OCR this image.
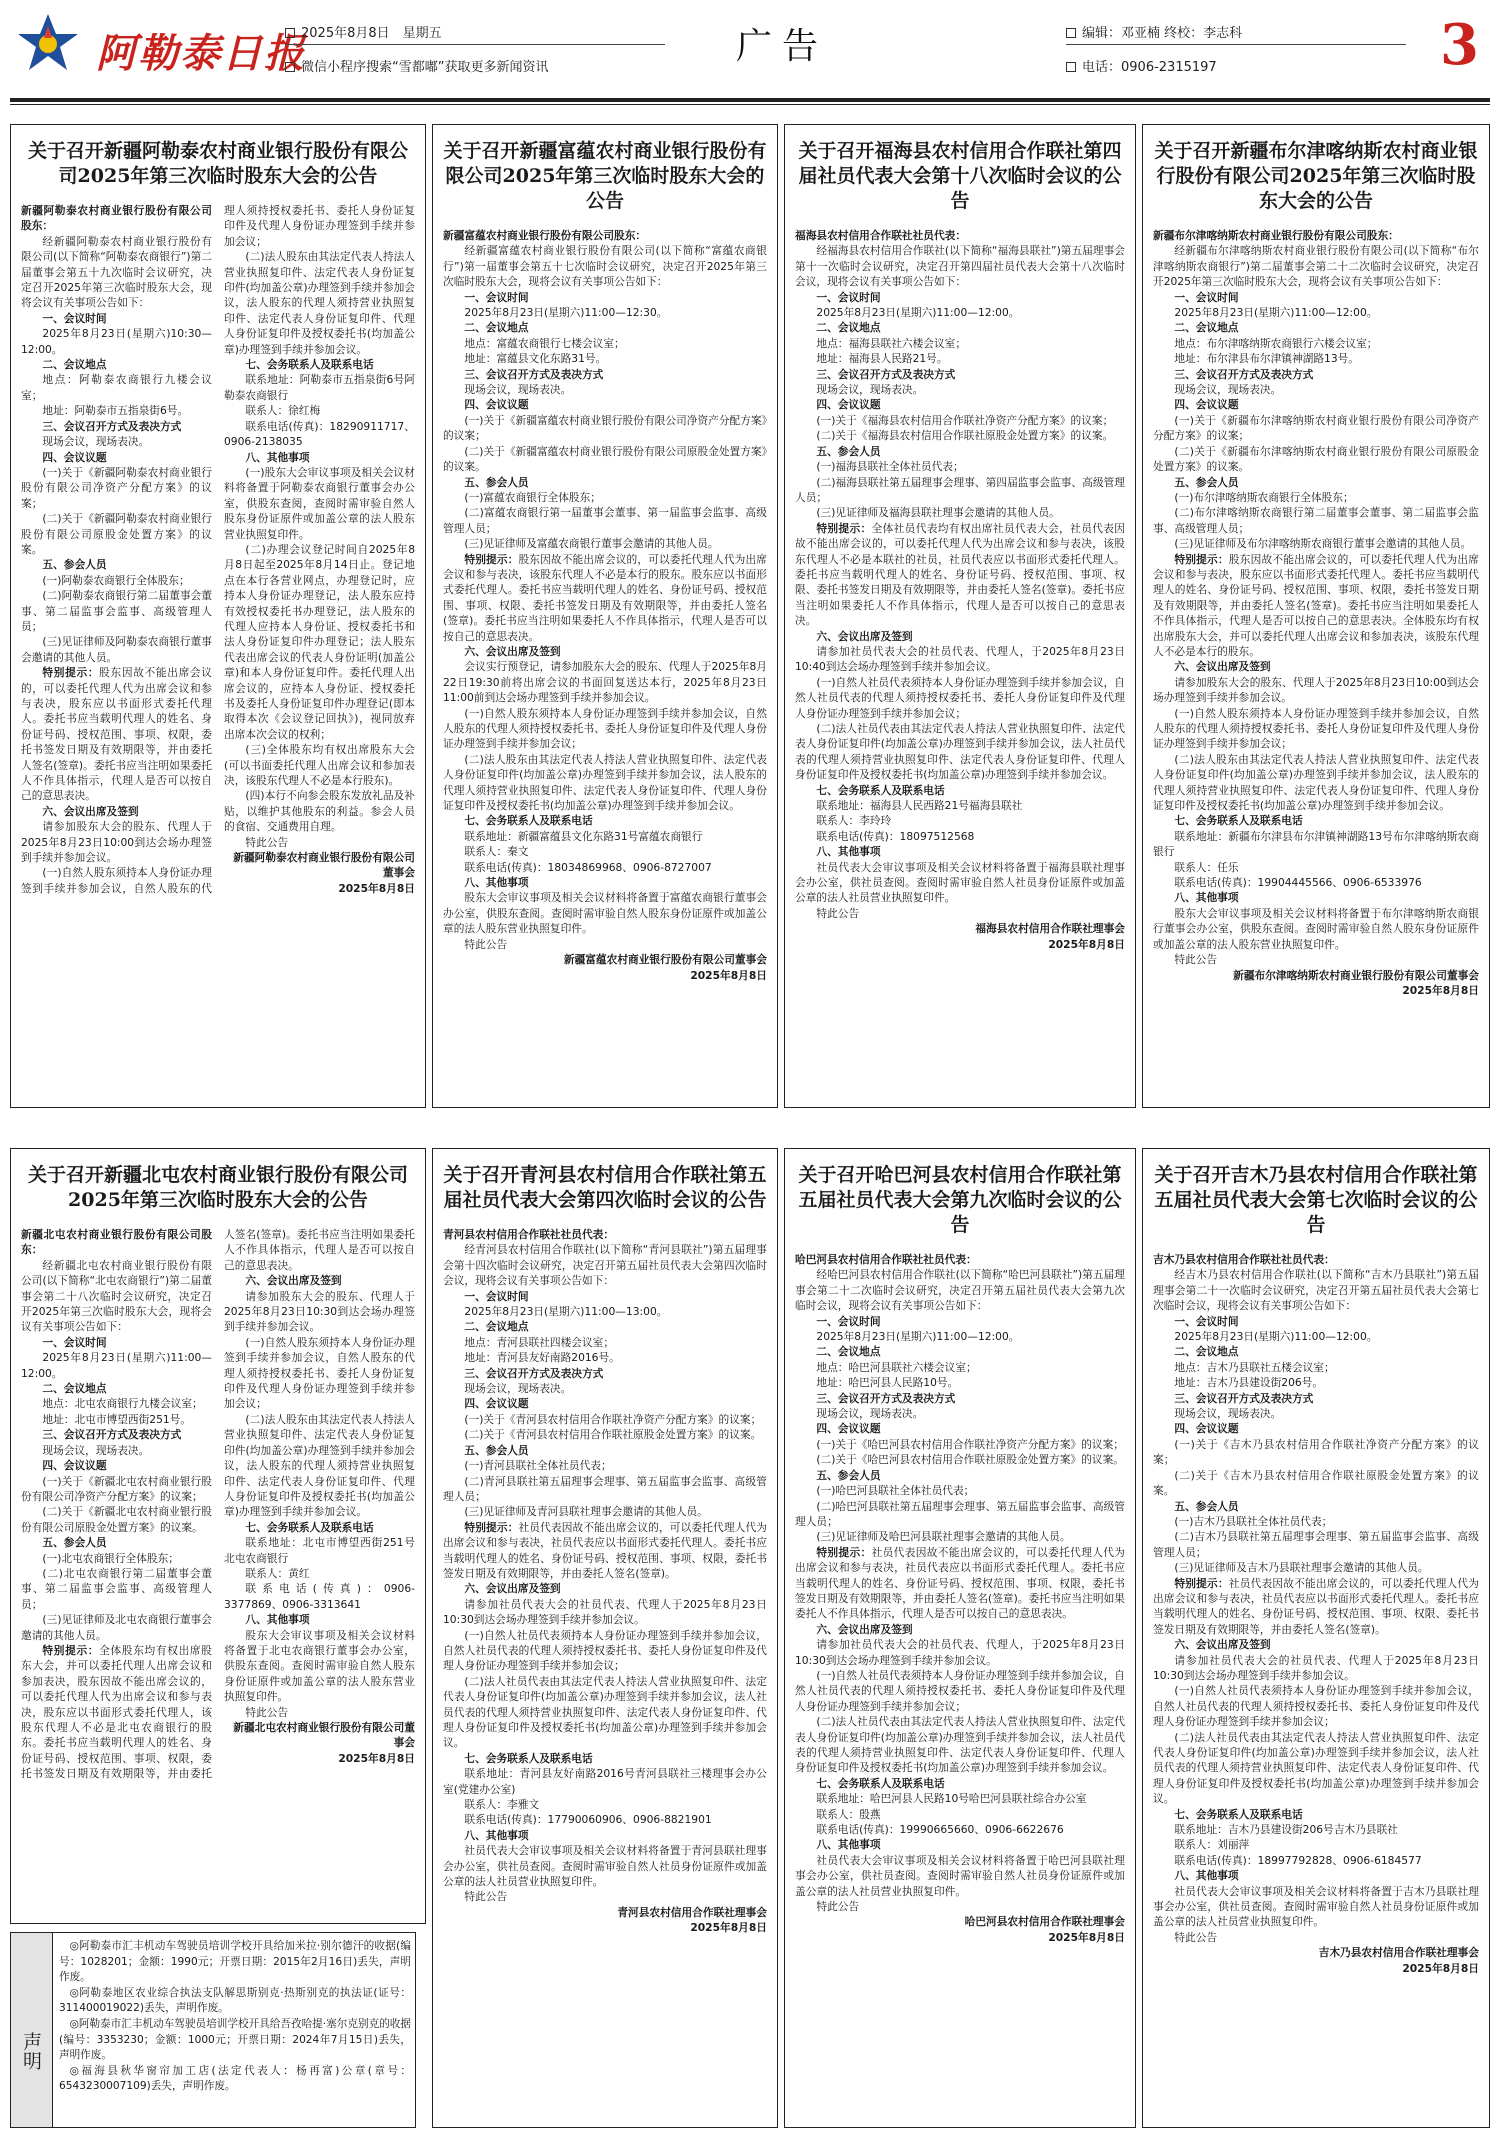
阿勒泰日报
2025年8月8日　星期五
微信小程序搜索“雪都嘟”获取更多新闻资讯
广告	编辑：邓亚楠 终校：李志科
电话：0906-2315197	3
关于召开新疆阿勒泰农村商业银行股份有限公司2025年第三次临时股东大会的公告

新疆阿勒泰农村商业银行股份有限公司股东：

经新疆阿勒泰农村商业银行股份有限公司(以下简称“阿勒泰农商银行”)第二届董事会第五十九次临时会议研究，决定召开2025年第三次临时股东大会，现将会议有关事项公告如下：

一、会议时间

2025年8月23日(星期六)10:30—12:00。

二、会议地点

地点：阿勒泰农商银行九楼会议室；

地址：阿勒泰市五指泉街6号。

三、会议召开方式及表决方式

现场会议，现场表决。

四、会议议题

(一)关于《新疆阿勒泰农村商业银行股份有限公司净资产分配方案》的议案；

(二)关于《新疆阿勒泰农村商业银行股份有限公司原股金处置方案》的议案。

五、参会人员

(一)阿勒泰农商银行全体股东；

(二)阿勒泰农商银行第二届董事会董事、第二届监事会监事、高级管理人员；

(三)见证律师及阿勒泰农商银行董事会邀请的其他人员。

特别提示：股东因故不能出席会议的，可以委托代理人代为出席会议和参与表决，股东应以书面形式委托代理人。委托书应当载明代理人的姓名、身份证号码、授权范围、事项、权限，委托书签发日期及有效期限等，并由委托人签名(签章)。委托书应当注明如果委托人不作具体指示，代理人是否可以按自己的意思表决。

六、会议出席及签到

请参加股东大会的股东、代理人于2025年8月23日10:00到达会场办理签到手续并参加会议。

(一)自然人股东须持本人身份证办理签到手续并参加会议，自然人股东的代理人须持授权委托书、委托人身份证复印件及代理人身份证办理签到手续并参加会议；

(二)法人股东由其法定代表人持法人营业执照复印件、法定代表人身份证复印件(均加盖公章)办理签到手续并参加会议，法人股东的代理人须持营业执照复印件、法定代表人身份证复印件、代理人身份证复印件及授权委托书(均加盖公章)办理签到手续并参加会议。

七、会务联系人及联系电话

联系地址：阿勒泰市五指泉街6号阿勒泰农商银行

联系人：徐红梅

联系电话(传真)：18290911717、0906-2138035

八、其他事项

(一)股东大会审议事项及相关会议材料将备置于阿勒泰农商银行董事会办公室，供股东查阅，查阅时需审验自然人股东身份证原件或加盖公章的法人股东营业执照复印件。

(二)办理会议登记时间自2025年8月8日起至2025年8月14日止。登记地点在本行各营业网点，办理登记时，应持本人身份证办理登记，法人股东应持有效授权委托书办理登记，法人股东的代理人应持本人身份证、授权委托书和法人身份证复印件办理登记；法人股东代表出席会议的代表人身份证明(加盖公章)和本人身份证复印件。委托代理人出席会议的，应持本人身份证、授权委托书及委托人身份证复印件办理登记(即本取得本次《会议登记回执》)，视同放弃出席本次会议的权利；

(三)全体股东均有权出席股东大会(可以书面委托代理人出席会议和参加表决，该股东代理人不必是本行股东)。

(四)本行不向参会股东发放礼品及补贴，以维护其他股东的利益。参会人员的食宿、交通费用自理。

特此公告

新疆阿勒泰农村商业银行股份有限公司董事会

2025年8月8日

关于召开新疆富蕴农村商业银行股份有限公司2025年第三次临时股东大会的公告

新疆富蕴农村商业银行股份有限公司股东：

经新疆富蕴农村商业银行股份有限公司(以下简称“富蕴农商银行”)第一届董事会第五十七次临时会议研究，决定召开2025年第三次临时股东大会，现将会议有关事项公告如下：

一、会议时间

2025年8月23日(星期六)11:00—12:30。

二、会议地点

地点：富蕴农商银行七楼会议室；

地址：富蕴县文化东路31号。

三、会议召开方式及表决方式

现场会议，现场表决。

四、会议议题

(一)关于《新疆富蕴农村商业银行股份有限公司净资产分配方案》的议案；

(二)关于《新疆富蕴农村商业银行股份有限公司原股金处置方案》的议案。

五、参会人员

(一)富蕴农商银行全体股东；

(二)富蕴农商银行第一届董事会董事、第一届监事会监事、高级管理人员；

(三)见证律师及富蕴农商银行董事会邀请的其他人员。

特别提示：股东因故不能出席会议的，可以委托代理人代为出席会议和参与表决，该股东代理人不必是本行的股东。股东应以书面形式委托代理人。委托书应当载明代理人的姓名、身份证号码、授权范围、事项、权限、委托书签发日期及有效期限等，并由委托人签名(签章)。委托书应当注明如果委托人不作具体指示，代理人是否可以按自己的意思表决。

六、会议出席及签到

会议实行预登记，请参加股东大会的股东、代理人于2025年8月22日19:30前将出席会议的书面回复送达本行，2025年8月23日11:00前到达会场办理签到手续并参加会议。

(一)自然人股东须持本人身份证办理签到手续并参加会议，自然人股东的代理人须持授权委托书、委托人身份证复印件及代理人身份证办理签到手续并参加会议；

(二)法人股东由其法定代表人持法人营业执照复印件、法定代表人身份证复印件(均加盖公章)办理签到手续并参加会议，法人股东的代理人须持营业执照复印件、法定代表人身份证复印件、代理人身份证复印件及授权委托书(均加盖公章)办理签到手续并参加会议。

七、会务联系人及联系电话

联系地址：新疆富蕴县文化东路31号富蕴农商银行

联系人：秦文

联系电话(传真)：18034869968、0906-8727007

八、其他事项

股东大会审议事项及相关会议材料将备置于富蕴农商银行董事会办公室，供股东查阅。查阅时需审验自然人股东身份证原件或加盖公章的法人股东营业执照复印件。

特此公告

新疆富蕴农村商业银行股份有限公司董事会

2025年8月8日

关于召开福海县农村信用合作联社第四届社员代表大会第十八次临时会议的公告

福海县农村信用合作联社社员代表：

经福海县农村信用合作联社(以下简称“福海县联社”)第五届理事会第十一次临时会议研究，决定召开第四届社员代表大会第十八次临时会议，现将会议有关事项公告如下：

一、会议时间

2025年8月23日(星期六)11:00—12:00。

二、会议地点

地点：福海县联社六楼会议室；

地址：福海县人民路21号。

三、会议召开方式及表决方式

现场会议，现场表决。

四、会议议题

(一)关于《福海县农村信用合作联社净资产分配方案》的议案；

(二)关于《福海县农村信用合作联社原股金处置方案》的议案。

五、参会人员

(一)福海县联社全体社员代表；

(二)福海县联社第五届理事会理事、第四届监事会监事、高级管理人员；

(三)见证律师及福海县联社理事会邀请的其他人员。

特别提示：全体社员代表均有权出席社员代表大会，社员代表因故不能出席会议的，可以委托代理人代为出席会议和参与表决，该股东代理人不必是本联社的社员，社员代表应以书面形式委托代理人。委托书应当载明代理人的姓名、身份证号码、授权范围、事项、权限、委托书签发日期及有效期限等，并由委托人签名(签章)。委托书应当注明如果委托人不作具体指示，代理人是否可以按自己的意思表决。

六、会议出席及签到

请参加社员代表大会的社员代表、代理人，于2025年8月23日10:40到达会场办理签到手续并参加会议。

(一)自然人社员代表须持本人身份证办理签到手续并参加会议，自然人社员代表的代理人须持授权委托书、委托人身份证复印件及代理人身份证办理签到手续并参加会议；

(二)法人社员代表由其法定代表人持法人营业执照复印件、法定代表人身份证复印件(均加盖公章)办理签到手续并参加会议，法人社员代表的代理人须持营业执照复印件、法定代表人身份证复印件、代理人身份证复印件及授权委托书(均加盖公章)办理签到手续并参加会议。

七、会务联系人及联系电话

联系地址：福海县人民西路21号福海县联社

联系人：李玲玲

联系电话(传真)：18097512568

八、其他事项

社员代表大会审议事项及相关会议材料将备置于福海县联社理事会办公室，供社员查阅。查阅时需审验自然人社员身份证原件或加盖公章的法人社员营业执照复印件。

特此公告

福海县农村信用合作联社理事会

2025年8月8日

关于召开新疆布尔津喀纳斯农村商业银行股份有限公司2025年第三次临时股东大会的公告

新疆布尔津喀纳斯农村商业银行股份有限公司股东：

经新疆布尔津喀纳斯农村商业银行股份有限公司(以下简称“布尔津喀纳斯农商银行”)第二届董事会第二十二次临时会议研究，决定召开2025年第三次临时股东大会，现将会议有关事项公告如下：

一、会议时间

2025年8月23日(星期六)11:00—12:00。

二、会议地点

地点：布尔津喀纳斯农商银行六楼会议室；

地址：布尔津县布尔津镇神湖路13号。

三、会议召开方式及表决方式

现场会议，现场表决。

四、会议议题

(一)关于《新疆布尔津喀纳斯农村商业银行股份有限公司净资产分配方案》的议案；

(二)关于《新疆布尔津喀纳斯农村商业银行股份有限公司原股金处置方案》的议案。

五、参会人员

(一)布尔津喀纳斯农商银行全体股东；

(二)布尔津喀纳斯农商银行第二届董事会董事、第二届监事会监事、高级管理人员；

(三)见证律师及布尔津喀纳斯农商银行董事会邀请的其他人员。

特别提示：股东因故不能出席会议的，可以委托代理人代为出席会议和参与表决，股东应以书面形式委托代理人。委托书应当载明代理人的姓名、身份证号码、授权范围、事项、权限，委托书签发日期及有效期限等，并由委托人签名(签章)。委托书应当注明如果委托人不作具体指示，代理人是否可以按自己的意思表决。全体股东均有权出席股东大会，并可以委托代理人出席会议和参加表决，该股东代理人不必是本行的股东。

六、会议出席及签到

请参加股东大会的股东、代理人于2025年8月23日10:00到达会场办理签到手续并参加会议。

(一)自然人股东须持本人身份证办理签到手续并参加会议，自然人股东的代理人须持授权委托书、委托人身份证复印件及代理人身份证办理签到手续并参加会议；

(二)法人股东由其法定代表人持法人营业执照复印件、法定代表人身份证复印件(均加盖公章)办理签到手续并参加会议，法人股东的代理人须持营业执照复印件、法定代表人身份证复印件、代理人身份证复印件及授权委托书(均加盖公章)办理签到手续并参加会议。

七、会务联系人及联系电话

联系地址：新疆布尔津县布尔津镇神湖路13号布尔津喀纳斯农商银行

联系人：任乐

联系电话(传真)：19904445566、0906-6533976

八、其他事项

股东大会审议事项及相关会议材料将备置于布尔津喀纳斯农商银行董事会办公室，供股东查阅。查阅时需审验自然人股东身份证原件或加盖公章的法人股东营业执照复印件。

特此公告

新疆布尔津喀纳斯农村商业银行股份有限公司董事会

2025年8月8日

关于召开新疆北屯农村商业银行股份有限公司2025年第三次临时股东大会的公告

新疆北屯农村商业银行股份有限公司股东：

经新疆北屯农村商业银行股份有限公司(以下简称“北屯农商银行”)第二届董事会第二十八次临时会议研究，决定召开2025年第三次临时股东大会，现将会议有关事项公告如下：

一、会议时间

2025年8月23日(星期六)11:00—12:00。

二、会议地点

地点：北屯农商银行九楼会议室；

地址：北屯市博望西街251号。

三、会议召开方式及表决方式

现场会议，现场表决。

四、会议议题

(一)关于《新疆北屯农村商业银行股份有限公司净资产分配方案》的议案；

(二)关于《新疆北屯农村商业银行股份有限公司原股金处置方案》的议案。

五、参会人员

(一)北屯农商银行全体股东；

(二)北屯农商银行第二届董事会董事、第二届监事会监事、高级管理人员；

(三)见证律师及北屯农商银行董事会邀请的其他人员。

特别提示：全体股东均有权出席股东大会，并可以委托代理人出席会议和参加表决，股东因故不能出席会议的，可以委托代理人代为出席会议和参与表决，股东应以书面形式委托代理人，该股东代理人不必是北屯农商银行的股东。委托书应当载明代理人的姓名、身份证号码、授权范围、事项、权限，委托书签发日期及有效期限等，并由委托人签名(签章)。委托书应当注明如果委托人不作具体指示，代理人是否可以按自己的意思表决。

六、会议出席及签到

请参加股东大会的股东、代理人于2025年8月23日10:30到达会场办理签到手续并参加会议。

(一)自然人股东须持本人身份证办理签到手续并参加会议，自然人股东的代理人须持授权委托书、委托人身份证复印件及代理人身份证办理签到手续并参加会议；

(二)法人股东由其法定代表人持法人营业执照复印件、法定代表人身份证复印件(均加盖公章)办理签到手续并参加会议，法人股东的代理人须持营业执照复印件、法定代表人身份证复印件、代理人身份证复印件及授权委托书(均加盖公章)办理签到手续并参加会议。

七、会务联系人及联系电话

联系地址：北屯市博望西街251号北屯农商银行

联系人：黄红

联系电话(传真)：0906-3377869、0906-3313641

八、其他事项

股东大会审议事项及相关会议材料将备置于北屯农商银行董事会办公室，供股东查阅。查阅时需审验自然人股东身份证原件或加盖公章的法人股东营业执照复印件。

特此公告

新疆北屯农村商业银行股份有限公司董事会

2025年8月8日

关于召开青河县农村信用合作联社第五届社员代表大会第四次临时会议的公告

青河县农村信用合作联社社员代表：

经青河县农村信用合作联社(以下简称“青河县联社”)第五届理事会第十四次临时会议研究，决定召开第五届社员代表大会第四次临时会议，现将会议有关事项公告如下：

一、会议时间

2025年8月23日(星期六)11:00—13:00。

二、会议地点

地点：青河县联社四楼会议室；

地址：青河县友好南路2016号。

三、会议召开方式及表决方式

现场会议，现场表决。

四、会议议题

(一)关于《青河县农村信用合作联社净资产分配方案》的议案；

(二)关于《青河县农村信用合作联社原股金处置方案》的议案。

五、参会人员

(一)青河县联社全体社员代表；

(二)青河县联社第五届理事会理事、第五届监事会监事、高级管理人员；

(三)见证律师及青河县联社理事会邀请的其他人员。

特别提示：社员代表因故不能出席会议的，可以委托代理人代为出席会议和参与表决，社员代表应以书面形式委托代理人。委托书应当载明代理人的姓名、身份证号码、授权范围、事项、权限，委托书签发日期及有效期限等，并由委托人签名(签章)。

六、会议出席及签到

请参加社员代表大会的社员代表、代理人于2025年8月23日10:30到达会场办理签到手续并参加会议。

(一)自然人社员代表须持本人身份证办理签到手续并参加会议，自然人社员代表的代理人须持授权委托书、委托人身份证复印件及代理人身份证办理签到手续并参加会议；

(二)法人社员代表由其法定代表人持法人营业执照复印件、法定代表人身份证复印件(均加盖公章)办理签到手续并参加会议，法人社员代表的代理人须持营业执照复印件、法定代表人身份证复印件、代理人身份证复印件及授权委托书(均加盖公章)办理签到手续并参加会议。

七、会务联系人及联系电话

联系地址：青河县友好南路2016号青河县联社三楼理事会办公室(党建办公室)

联系人：李雅文

联系电话(传真)：17790060906、0906-8821901

八、其他事项

社员代表大会审议事项及相关会议材料将备置于青河县联社理事会办公室，供社员查阅。查阅时需审验自然人社员身份证原件或加盖公章的法人社员营业执照复印件。

特此公告

青河县农村信用合作联社理事会

2025年8月8日

关于召开哈巴河县农村信用合作联社第五届社员代表大会第九次临时会议的公告

哈巴河县农村信用合作联社社员代表：

经哈巴河县农村信用合作联社(以下简称“哈巴河县联社”)第五届理事会第二十二次临时会议研究，决定召开第五届社员代表大会第九次临时会议，现将会议有关事项公告如下：

一、会议时间

2025年8月23日(星期六)11:00—12:00。

二、会议地点

地点：哈巴河县联社六楼会议室；

地址：哈巴河县人民路10号。

三、会议召开方式及表决方式

现场会议，现场表决。

四、会议议题

(一)关于《哈巴河县农村信用合作联社净资产分配方案》的议案；

(二)关于《哈巴河县农村信用合作联社原股金处置方案》的议案。

五、参会人员

(一)哈巴河县联社全体社员代表；

(二)哈巴河县联社第五届理事会理事、第五届监事会监事、高级管理人员；

(三)见证律师及哈巴河县联社理事会邀请的其他人员。

特别提示：社员代表因故不能出席会议的，可以委托代理人代为出席会议和参与表决，社员代表应以书面形式委托代理人。委托书应当载明代理人的姓名、身份证号码、授权范围、事项、权限，委托书签发日期及有效期限等，并由委托人签名(签章)。委托书应当注明如果委托人不作具体指示，代理人是否可以按自己的意思表决。

六、会议出席及签到

请参加社员代表大会的社员代表、代理人，于2025年8月23日10:30到达会场办理签到手续并参加会议。

(一)自然人社员代表须持本人身份证办理签到手续并参加会议，自然人社员代表的代理人须持授权委托书、委托人身份证复印件及代理人身份证办理签到手续并参加会议；

(二)法人社员代表由其法定代表人持法人营业执照复印件、法定代表人身份证复印件(均加盖公章)办理签到手续并参加会议，法人社员代表的代理人须持营业执照复印件、法定代表人身份证复印件、代理人身份证复印件及授权委托书(均加盖公章)办理签到手续并参加会议。

七、会务联系人及联系电话

联系地址：哈巴河县人民路10号哈巴河县联社综合办公室

联系人：殷燕

联系电话(传真)：19990665660、0906-6622676

八、其他事项

社员代表大会审议事项及相关会议材料将备置于哈巴河县联社理事会办公室，供社员查阅。查阅时需审验自然人社员身份证原件或加盖公章的法人社员营业执照复印件。

特此公告

哈巴河县农村信用合作联社理事会

2025年8月8日

关于召开吉木乃县农村信用合作联社第五届社员代表大会第七次临时会议的公告

吉木乃县农村信用合作联社社员代表：

经吉木乃县农村信用合作联社(以下简称“吉木乃县联社”)第五届理事会第二十一次临时会议研究，决定召开第五届社员代表大会第七次临时会议，现将会议有关事项公告如下：

一、会议时间

2025年8月23日(星期六)11:00—12:00。

二、会议地点

地点：吉木乃县联社五楼会议室；

地址：吉木乃县建设街206号。

三、会议召开方式及表决方式

现场会议，现场表决。

四、会议议题

(一)关于《吉木乃县农村信用合作联社净资产分配方案》的议案；

(二)关于《吉木乃县农村信用合作联社原股金处置方案》的议案。

五、参会人员

(一)吉木乃县联社全体社员代表；

(二)吉木乃县联社第五届理事会理事、第五届监事会监事、高级管理人员；

(三)见证律师及吉木乃县联社理事会邀请的其他人员。

特别提示：社员代表因故不能出席会议的，可以委托代理人代为出席会议和参与表决，社员代表应以书面形式委托代理人。委托书应当载明代理人的姓名、身份证号码、授权范围、事项、权限、委托书签发日期及有效期限等，并由委托人签名(签章)。

六、会议出席及签到

请参加社员代表大会的社员代表、代理人于2025年8月23日10:30到达会场办理签到手续并参加会议。

(一)自然人社员代表须持本人身份证办理签到手续并参加会议，自然人社员代表的代理人须持授权委托书、委托人身份证复印件及代理人身份证办理签到手续并参加会议；

(二)法人社员代表由其法定代表人持法人营业执照复印件、法定代表人身份证复印件(均加盖公章)办理签到手续并参加会议，法人社员代表的代理人须持营业执照复印件、法定代表人身份证复印件、代理人身份证复印件及授权委托书(均加盖公章)办理签到手续并参加会议。

七、会务联系人及联系电话

联系地址：吉木乃县建设街206号吉木乃县联社

联系人：刘丽萍

联系电话(传真)：18997792828、0906-6184577

八、其他事项

社员代表大会审议事项及相关会议材料将备置于吉木乃县联社理事会办公室，供社员查阅。查阅时需审验自然人社员身份证原件或加盖公章的法人社员营业执照复印件。

特此公告

吉木乃县农村信用合作联社理事会

2025年8月8日

声明

◎阿勒泰市汇丰机动车驾驶员培训学校开具给加米拉·别尔德汗的收据(编号：1028201；金额：1990元；开票日期：2015年2月16日)丢失，声明作废。

◎阿勒泰地区农业综合执法支队解思斯别克·热斯别克的执法证(证号：311400019022)丢失，声明作废。

◎阿勒泰市汇丰机动车驾驶员培训学校开具给吾孜哈提·塞尔克别克的收据(编号：3353230；金额：1000元；开票日期：2024年7月15日)丢失，声明作废。

◎福海县秋华窗帘加工店(法定代表人：杨再富)公章(章号：6543230007109)丢失，声明作废。
